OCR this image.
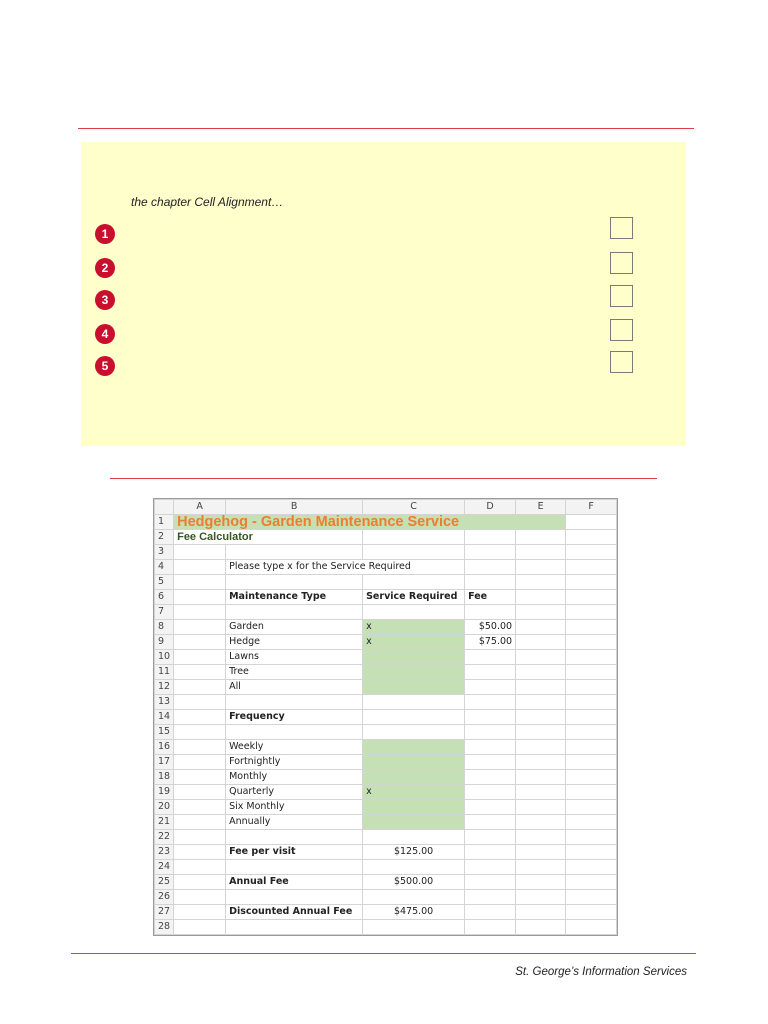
the chapter Cell Alignment…
1
2
3
4
5
	A	B	C	D	E	F
1	Hedgehog - Garden Maintenance Service					
2	Fee Calculator					
3						
4		Please type x for the Service Required				
5						
6		Maintenance Type	Service Required	Fee		
7						
8		Garden	x	$50.00		
9		Hedge	x	$75.00		
10		Lawns				
11		Tree				
12		All				
13						
14		Frequency				
15						
16		Weekly				
17		Fortnightly				
18		Monthly				
19		Quarterly	x			
20		Six Monthly				
21		Annually				
22						
23		Fee per visit	$125.00			
24						
25		Annual Fee	$500.00			
26						
27		Discounted Annual Fee	$475.00			
28						
St. George’s Information Services
